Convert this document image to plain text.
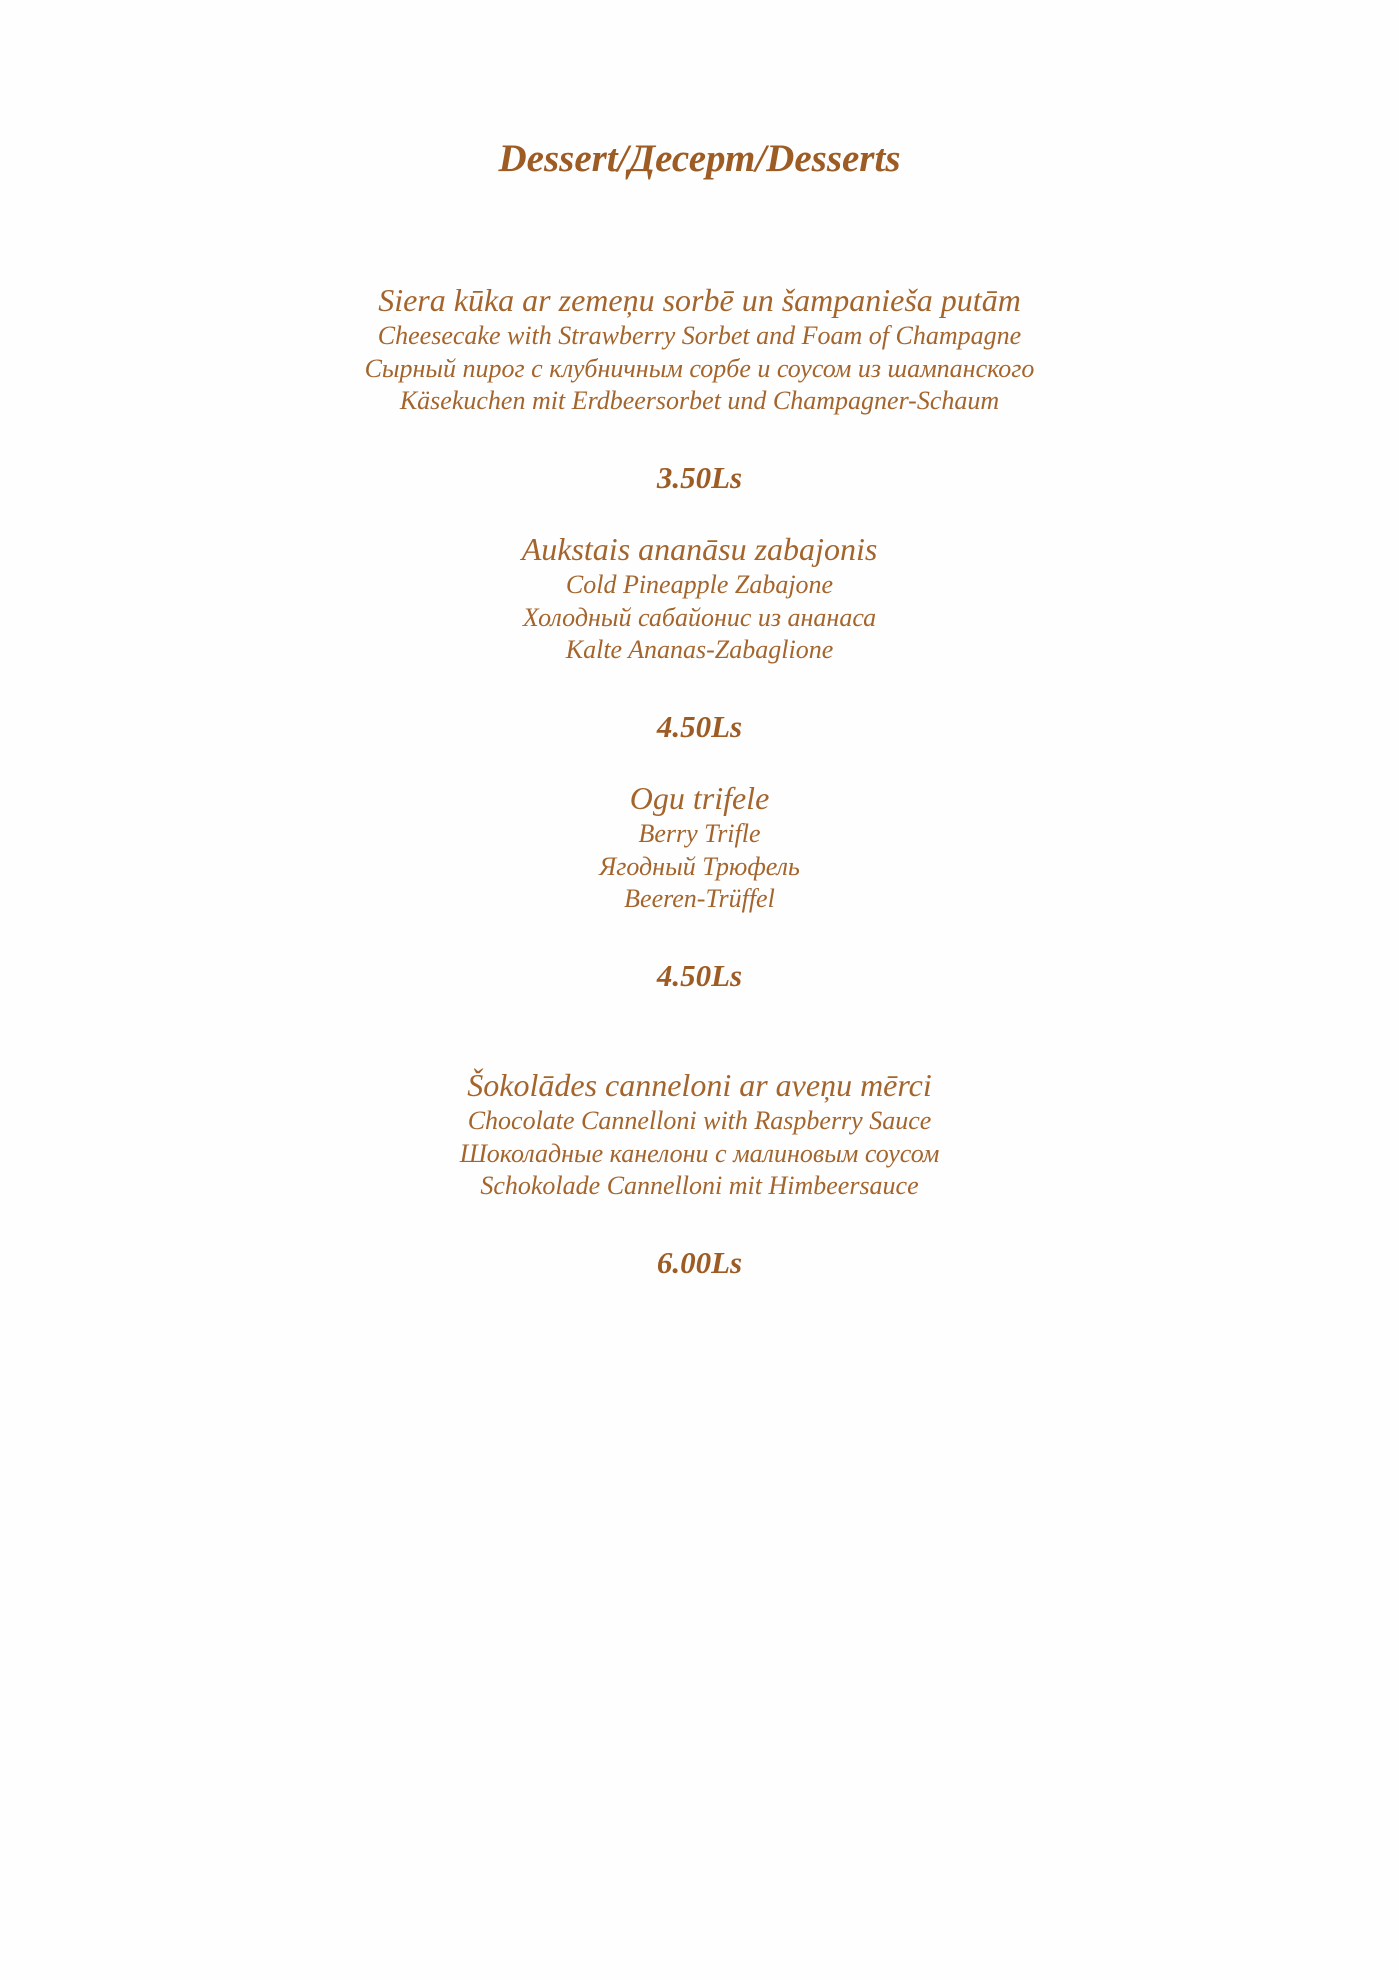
Dessert/Десерт/Desserts
Siera kūka ar zemeņu sorbē un šampanieša putām
Cheesecake with Strawberry Sorbet and Foam of Champagne
Сырный пирог с клубничным сорбе и соусом из шампанского
Käsekuchen mit Erdbeersorbet und Champagner-Schaum
3.50Ls
Aukstais ananāsu zabajonis
Cold Pineapple Zabajone
Холодный сабайонис из ананаса
Kalte Ananas-Zabaglione
4.50Ls
Ogu trifele
Berry Trifle
Ягодный Трюфель
Beeren-Trüffel
4.50Ls
Šokolādes canneloni ar aveņu mērci
Chocolate Cannelloni with Raspberry Sauce
Шоколадные канелони с малиновым соусом
Schokolade Cannelloni mit Himbeersauce
6.00Ls
